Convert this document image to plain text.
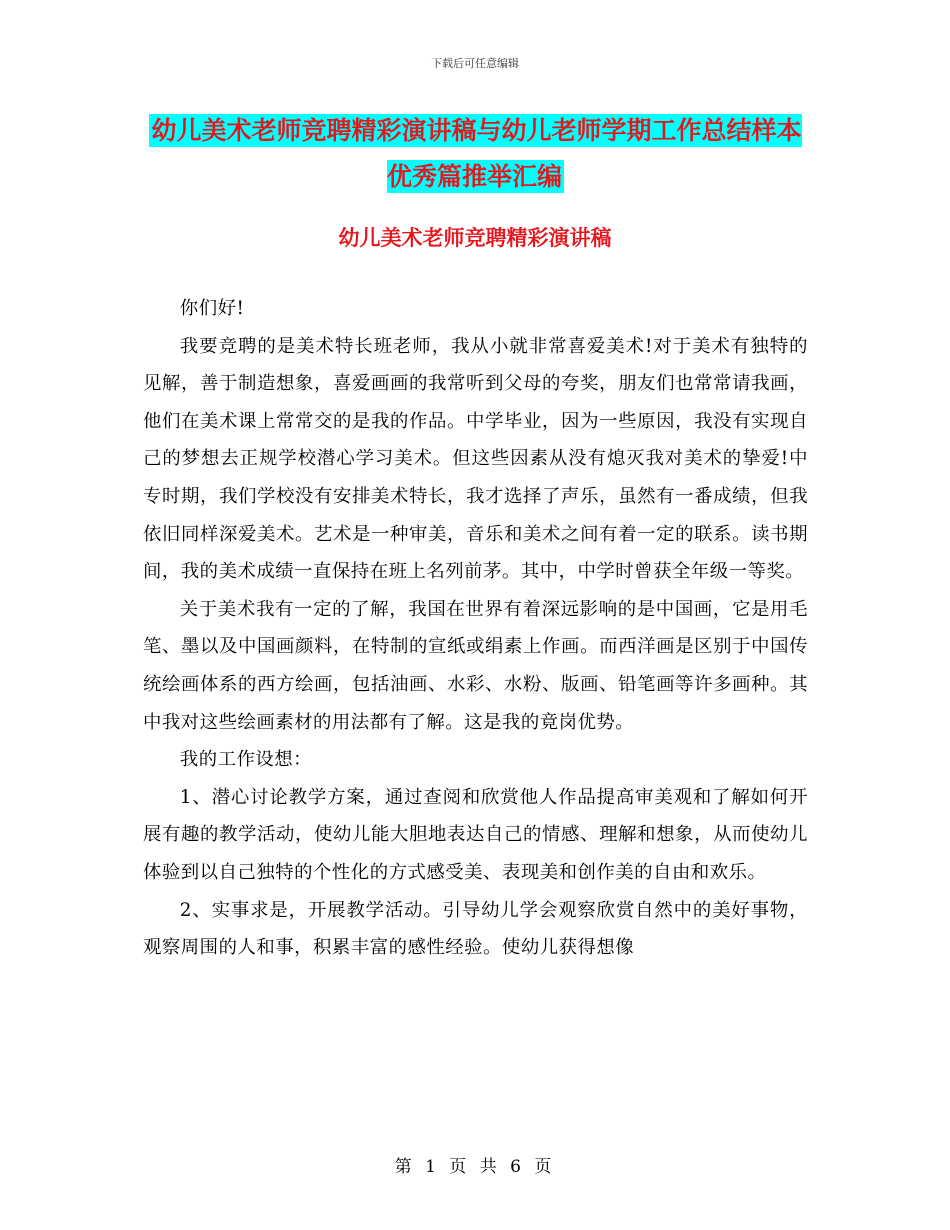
下载后可任意编辑
幼儿美术老师竞聘精彩演讲稿与幼儿老师学期工作总结样本优秀篇推举汇编
幼儿美术老师竞聘精彩演讲稿

你们好!

我要竞聘的是美术特长班老师，我从小就非常喜爱美术!对于美术有独特的见解，善于制造想象，喜爱画画的我常听到父母的夸奖，朋友们也常常请我画，他们在美术课上常常交的是我的作品。中学毕业，因为一些原因，我没有实现自己的梦想去正规学校潜心学习美术。但这些因素从没有熄灭我对美术的挚爱!中专时期，我们学校没有安排美术特长，我才选择了声乐，虽然有一番成绩，但我依旧同样深爱美术。艺术是一种审美，音乐和美术之间有着一定的联系。读书期间，我的美术成绩一直保持在班上名列前茅。其中，中学时曾获全年级一等奖。

关于美术我有一定的了解，我国在世界有着深远影响的是中国画，它是用毛笔、墨以及中国画颜料，在特制的宣纸或绢素上作画。而西洋画是区别于中国传统绘画体系的西方绘画，包括油画、水彩、水粉、版画、铅笔画等许多画种。其中我对这些绘画素材的用法都有了解。这是我的竟岗优势。

我的工作设想：

1、潜心讨论教学方案，通过查阅和欣赏他人作品提高审美观和了解如何开展有趣的教学活动，使幼儿能大胆地表达自己的情感、理解和想象，从而使幼儿体验到以自己独特的个性化的方式感受美、表现美和创作美的自由和欢乐。

2、实事求是，开展教学活动。引导幼儿学会观察欣赏自然中的美好事物，观察周围的人和事，积累丰富的感性经验。使幼儿获得想像

第 1 页 共 6 页
